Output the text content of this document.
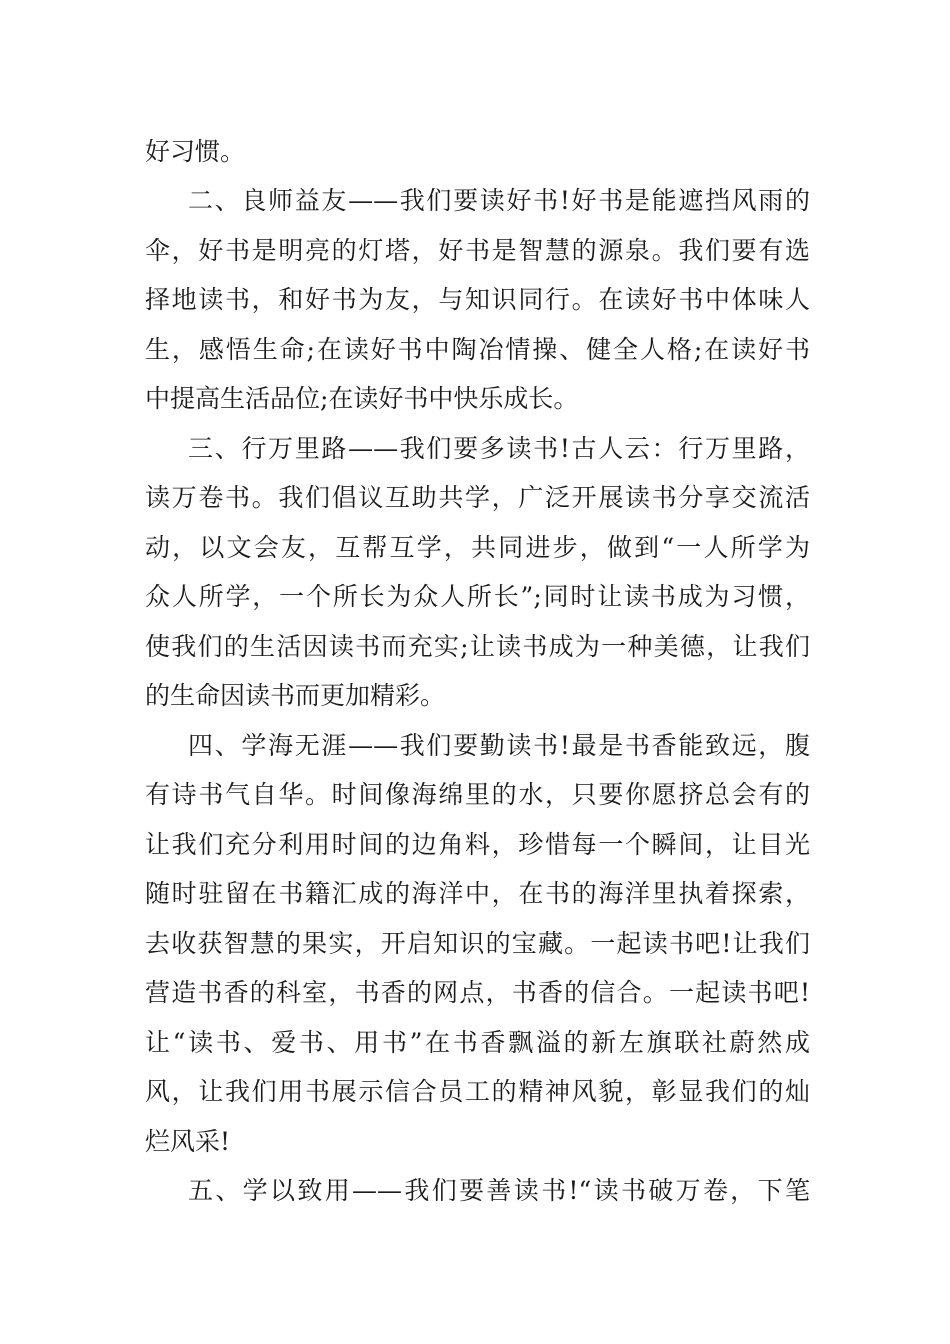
好习惯。
二、良师益友——我们要读好书!好书是能遮挡风雨的
伞，好书是明亮的灯塔，好书是智慧的源泉。我们要有选
择地读书，和好书为友，与知识同行。在读好书中体味人
生，感悟生命;在读好书中陶冶情操、健全人格;在读好书
中提高生活品位;在读好书中快乐成长。
三、行万里路——我们要多读书!古人云：行万里路，
读万卷书。我们倡议互助共学，广泛开展读书分享交流活
动，以文会友，互帮互学，共同进步，做到“一人所学为
众人所学，一个所长为众人所长”;同时让读书成为习惯，
使我们的生活因读书而充实;让读书成为一种美德，让我们
的生命因读书而更加精彩。
四、学海无涯——我们要勤读书!最是书香能致远，腹
有诗书气自华。时间像海绵里的水，只要你愿挤总会有的
让我们充分利用时间的边角料，珍惜每一个瞬间，让目光
随时驻留在书籍汇成的海洋中，在书的海洋里执着探索，
去收获智慧的果实，开启知识的宝藏。一起读书吧!让我们
营造书香的科室，书香的网点，书香的信合。一起读书吧!
让“读书、爱书、用书”在书香飘溢的新左旗联社蔚然成
风，让我们用书展示信合员工的精神风貌，彰显我们的灿
烂风采!
五、学以致用——我们要善读书!“读书破万卷，下笔
